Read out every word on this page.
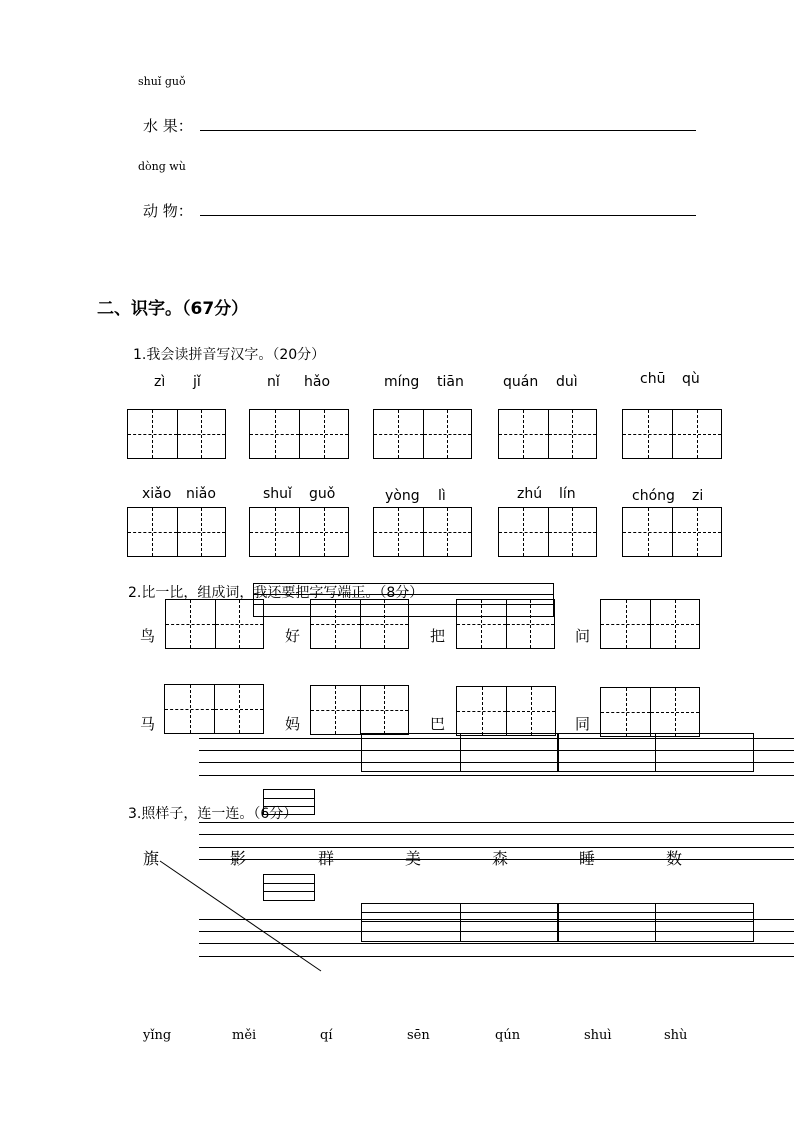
shuǐ guǒ
水 果：
dòng wù
动 物：
二、识字。（67分）
1.我会读拼音写汉字。（20分）
zì jǐ	nǐ hǎo	míng tiān	quán duì	chū qù
xiǎo niǎo	shuǐ guǒ	yòng lì	zhú lín	chóng zi
2.比一比，组成词，我还要把字写端正。（8分）
鸟	好	把	问
马	妈	巴	同
3.照样子，连一连。（6分）
旗	影	群	美	森	睡	数
yǐng	měi	qí	sēn	qún	shuì	shù
